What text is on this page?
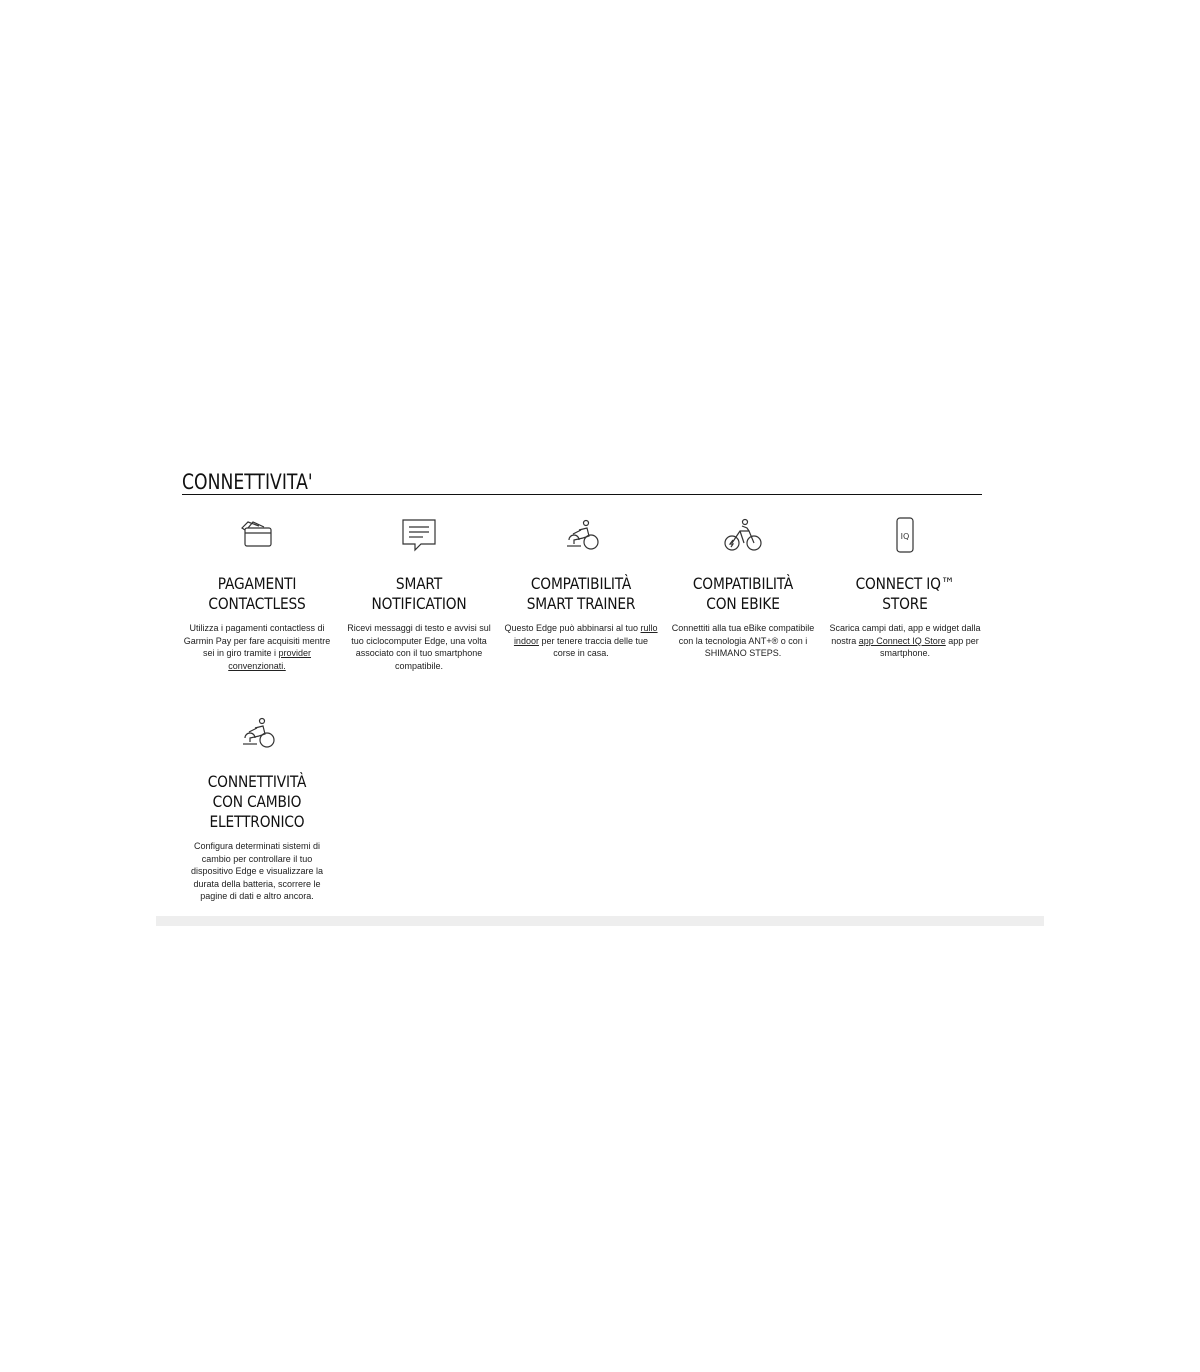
CONNETTIVITA'
PAGAMENTI CONTACTLESS

Utilizza i pagamenti contactless di Garmin Pay per fare acquisiti mentre sei in giro tramite i provider convenzionati.

SMART NOTIFICATION

Ricevi messaggi di testo e avvisi sul tuo ciclocomputer Edge, una volta associato con il tuo smartphone compatibile.

COMPATIBILITÀ SMART TRAINER

Questo Edge può abbinarsi al tuo rullo indoor per tenere traccia delle tue corse in casa.

COMPATIBILITÀ CON EBIKE

Connettiti alla tua eBike compatibile con la tecnologia ANT+® o con i SHIMANO STEPS.

IQ
CONNECT IQ™ STORE

Scarica campi dati, app e widget dalla nostra app Connect IQ Store app per smartphone.

CONNETTIVITÀ CON CAMBIO ELETTRONICO

Configura determinati sistemi di cambio per controllare il tuo dispositivo Edge e visualizzare la durata della batteria, scorrere le pagine di dati e altro ancora.
